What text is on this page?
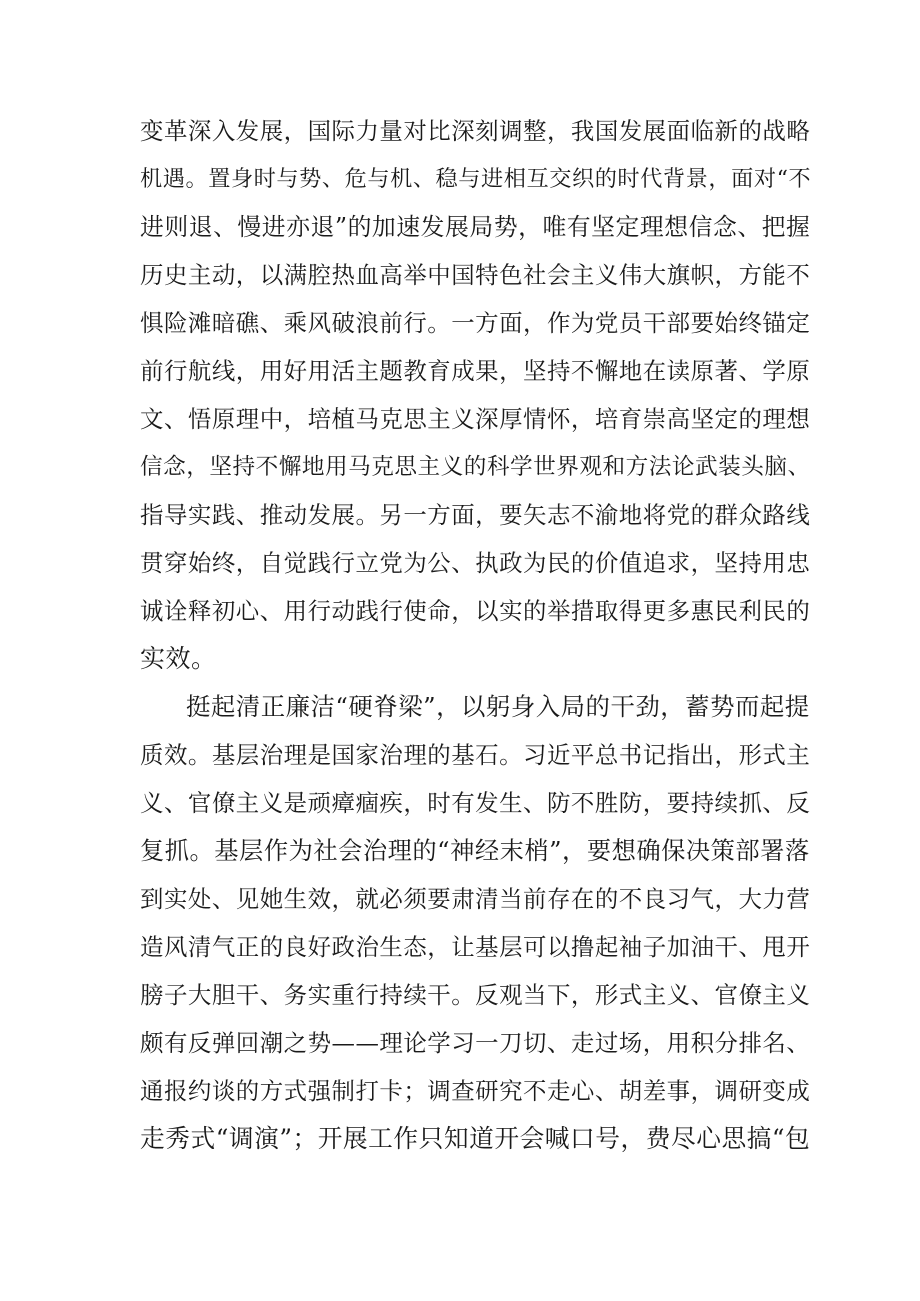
变革深入发展，国际力量对比深刻调整，我国发展面临新的战略
机遇。置身时与势、危与机、稳与进相互交织的时代背景，面对“不
进则退、慢进亦退”的加速发展局势，唯有坚定理想信念、把握
历史主动，以满腔热血高举中国特色社会主义伟大旗帜，方能不
惧险滩暗礁、乘风破浪前行。一方面，作为党员干部要始终锚定
前行航线，用好用活主题教育成果，坚持不懈地在读原著、学原
文、悟原理中，培植马克思主义深厚情怀，培育崇高坚定的理想
信念，坚持不懈地用马克思主义的科学世界观和方法论武装头脑、
指导实践、推动发展。另一方面，要矢志不渝地将党的群众路线
贯穿始终，自觉践行立党为公、执政为民的价值追求，坚持用忠
诚诠释初心、用行动践行使命，以实的举措取得更多惠民利民的
实效。
挺起清正廉洁“硬脊梁”，以躬身入局的干劲，蓄势而起提
质效。基层治理是国家治理的基石。习近平总书记指出，形式主
义、官僚主义是顽瘴痼疾，时有发生、防不胜防，要持续抓、反
复抓。基层作为社会治理的“神经末梢”，要想确保决策部署落
到实处、见她生效，就必须要肃清当前存在的不良习气，大力营
造风清气正的良好政治生态，让基层可以撸起袖子加油干、甩开
膀子大胆干、务实重行持续干。反观当下，形式主义、官僚主义
颇有反弹回潮之势——理论学习一刀切、走过场，用积分排名、
通报约谈的方式强制打卡；调查研究不走心、胡差事，调研变成
走秀式“调演”；开展工作只知道开会喊口号，费尽心思搞“包
